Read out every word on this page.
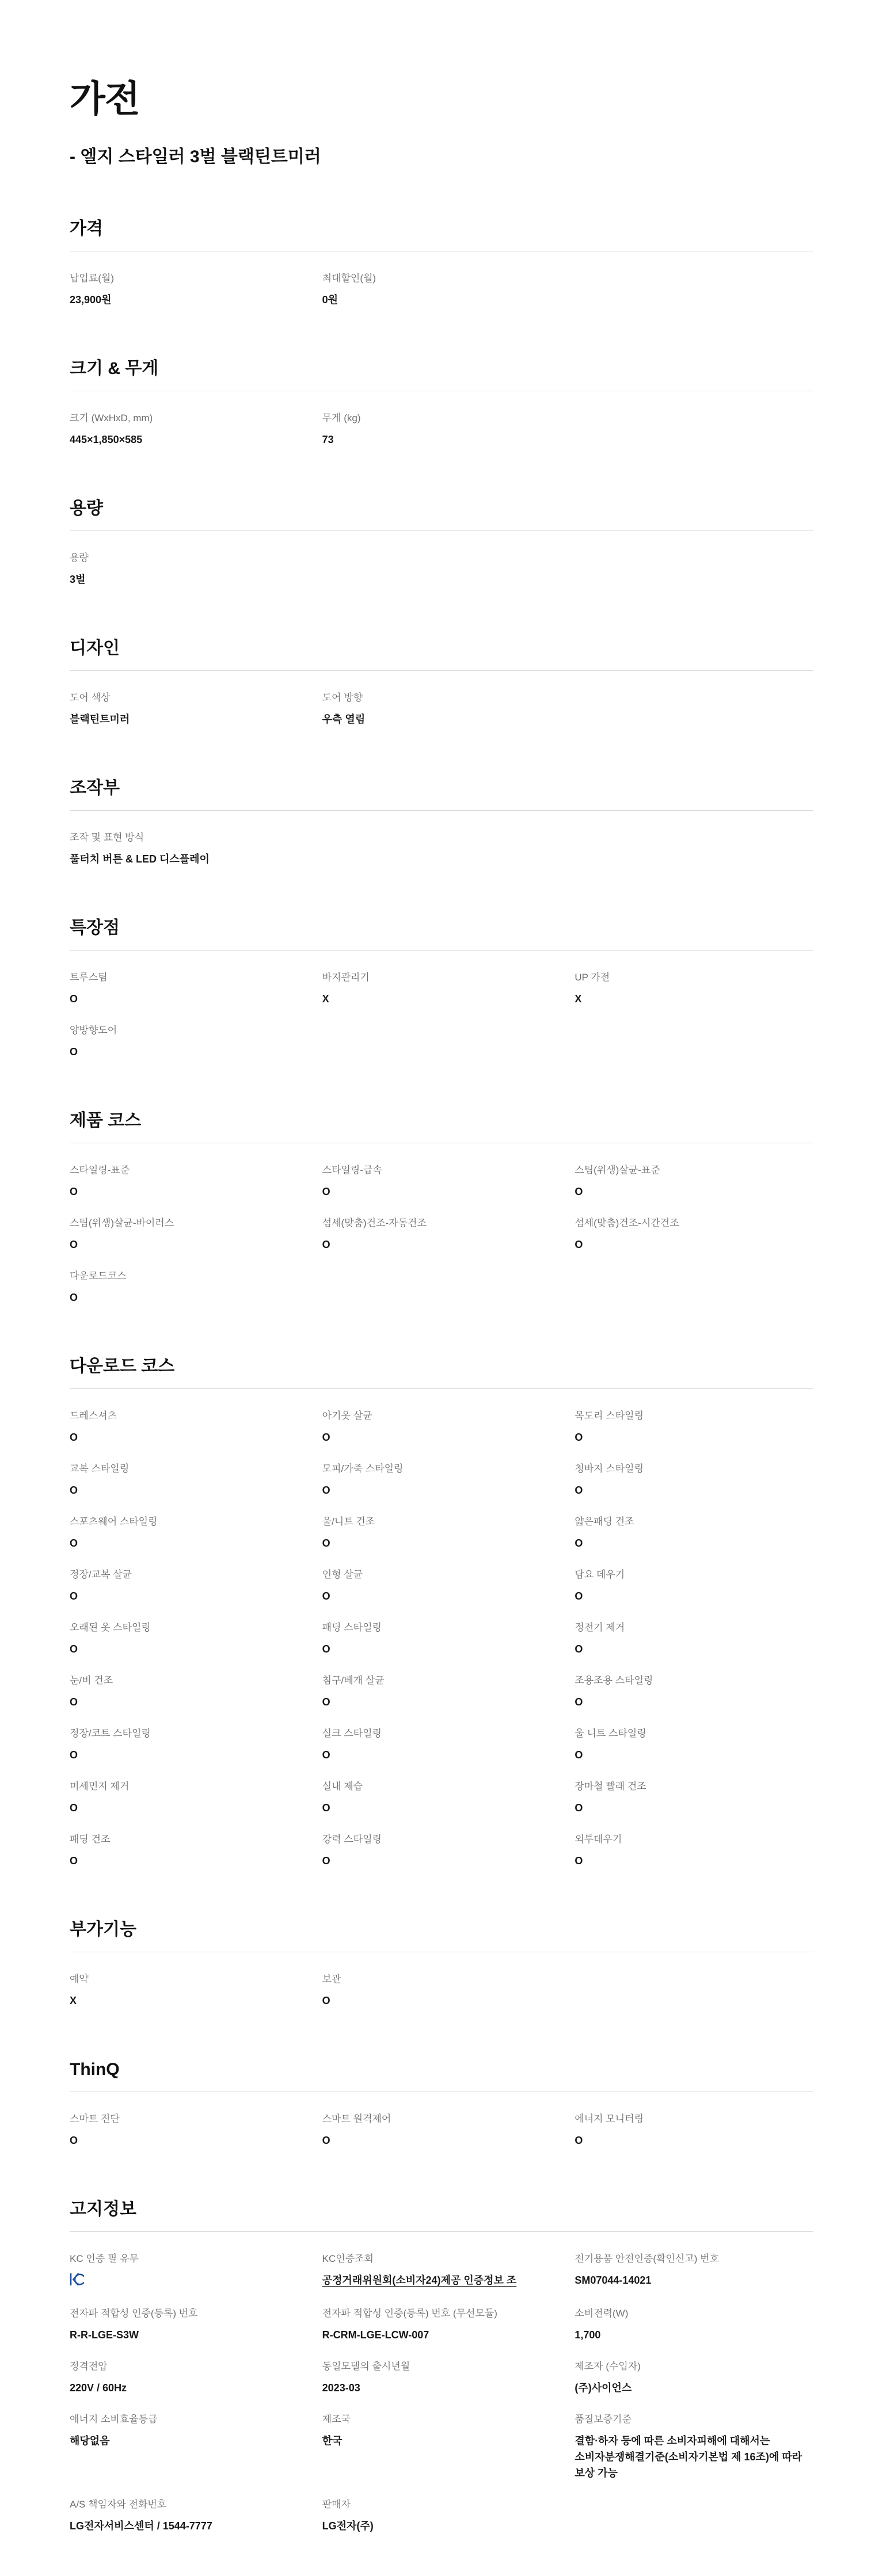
가전
- 엘지 스타일러 3벌 블랙틴트미러
가격
납입료(월)
23,900원
최대할인(월)
0원
크기 & 무게
크기 (WxHxD, mm)
445×1,850×585
무게 (kg)
73
용량
용량
3벌
디자인
도어 색상
블랙틴트미러
도어 방향
우측 열림
조작부
조작 및 표현 방식
풀터치 버튼 & LED 디스플레이
특장점
트루스팀
O
바지관리기
X
UP 가전
X
양방향도어
O
제품 코스
스타일링-표준
O
스타일링-급속
O
스팀(위생)살균-표준
O
스팀(위생)살균-바이러스
O
섬세(맞춤)건조-자동건조
O
섬세(맞춤)건조-시간건조
O
다운로드코스
O
다운로드 코스
드레스셔츠
O
아기옷 살균
O
목도리 스타일링
O
교복 스타일링
O
모피/가죽 스타일링
O
청바지 스타일링
O
스포츠웨어 스타일링
O
울/니트 건조
O
얇은패딩 건조
O
정장/교복 살균
O
인형 살균
O
담요 데우기
O
오래된 옷 스타일링
O
패딩 스타일링
O
정전기 제거
O
눈/비 건조
O
침구/베개 살균
O
조용조용 스타일링
O
정장/코트 스타일링
O
실크 스타일링
O
울 니트 스타일링
O
미세먼지 제거
O
실내 제습
O
장마철 빨래 건조
O
패딩 건조
O
강력 스타일링
O
외투데우기
O
부가기능
예약
X
보관
O
ThinQ
스마트 진단
O
스마트 원격제어
O
에너지 모니터링
O
고지정보
KC 인증 필 유무	KC인증조회
공정거래위원회(소비자24)제공 인증정보 조
전기용품 안전인증(확인신고) 번호
SM07044-14021
전자파 적합성 인증(등록) 번호
R-R-LGE-S3W
전자파 적합성 인증(등록) 번호 (무선모듈)
R-CRM-LGE-LCW-007
소비전력(W)
1,700
정격전압
220V / 60Hz
동일모델의 출시년월
2023-03
제조자 (수입자)
(주)사이언스
에너지 소비효율등급
해당없음
제조국
한국
품질보증기준
결함·하자 등에 따른 소비자피해에 대해서는 소비자분쟁해결기준(소비자기본법 제 16조)에 따라 보상 가능
A/S 책임자와 전화번호
LG전자서비스센터 / 1544-7777
판매자
LG전자(주)
